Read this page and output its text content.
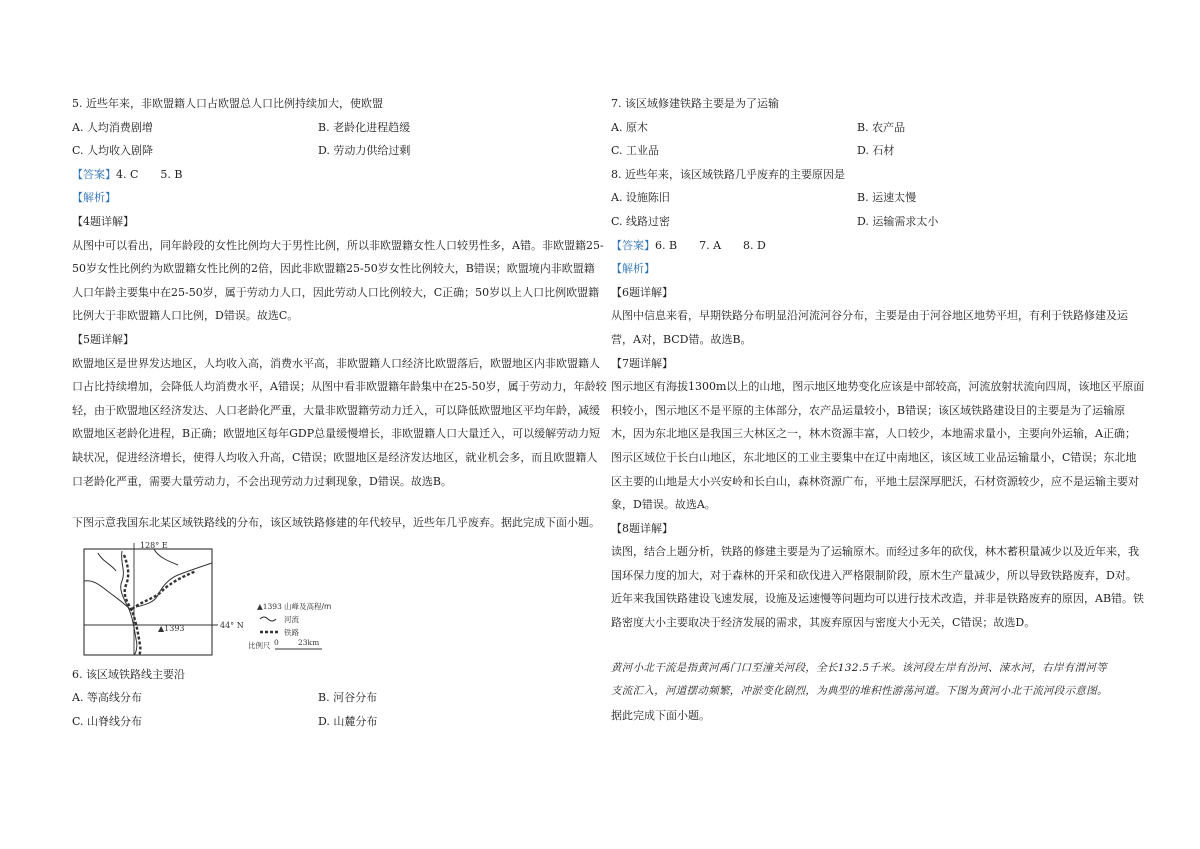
5. 近些年来，非欧盟籍人口占欧盟总人口比例持续加大，使欧盟
A. 人均消费剧增	B. 老龄化进程趋缓
C. 人均收入剧降	D. 劳动力供给过剩
【答案】4. C　　5. B
【解析】
【4题详解】
从图中可以看出，同年龄段的女性比例均大于男性比例，所以非欧盟籍女性人口较男性多，A错。非欧盟籍25-
50岁女性比例约为欧盟籍女性比例的2倍，因此非欧盟籍25-50岁女性比例较大，B错误；欧盟境内非欧盟籍
人口年龄主要集中在25-50岁，属于劳动力人口，因此劳动人口比例较大，C正确；50岁以上人口比例欧盟籍
比例大于非欧盟籍人口比例，D错误。故选C。
【5题详解】
欧盟地区是世界发达地区，人均收入高，消费水平高，非欧盟籍人口经济比欧盟落后，欧盟地区内非欧盟籍人
口占比持续增加，会降低人均消费水平，A错误；从图中看非欧盟籍年龄集中在25-50岁，属于劳动力，年龄较
轻，由于欧盟地区经济发达、人口老龄化严重，大量非欧盟籍劳动力迁入，可以降低欧盟地区平均年龄，减缓
欧盟地区老龄化进程，B正确；欧盟地区每年GDP总量缓慢增长，非欧盟籍人口大量迁入，可以缓解劳动力短
缺状况，促进经济增长，使得人均收入升高，C错误；欧盟地区是经济发达地区，就业机会多，而且欧盟籍人
口老龄化严重，需要大量劳动力，不会出现劳动力过剩现象，D错误。故选B。
下图示意我国东北某区域铁路线的分布，该区域铁路修建的年代较早，近些年几乎废弃。据此完成下面小题。
128° E
44° N
▲1393
▲1393 山峰及高程/m
河流
铁路
比例尺 0	23km
6. 该区域铁路线主要沿
A. 等高线分布	B. 河谷分布
C. 山脊线分布	D. 山麓分布
7. 该区域修建铁路主要是为了运输
A. 原木	B. 农产品
C. 工业品	D. 石材
8. 近些年来，该区域铁路几乎废弃的主要原因是
A. 设施陈旧	B. 运速太慢
C. 线路过密	D. 运输需求太小
【答案】6. B　　7. A　　8. D
【解析】
【6题详解】
从图中信息来看，早期铁路分布明显沿河流河谷分布，主要是由于河谷地区地势平坦，有利于铁路修建及运
营，A对，BCD错。故选B。
【7题详解】
图示地区有海拔1300m以上的山地，图示地区地势变化应该是中部较高，河流放射状流向四周，该地区平原面
积较小，图示地区不是平原的主体部分，农产品运量较小，B错误；该区域铁路建设目的主要是为了运输原
木，因为东北地区是我国三大林区之一，林木资源丰富，人口较少，本地需求量小，主要向外运输，A正确；
图示区域位于长白山地区，东北地区的工业主要集中在辽中南地区，该区域工业品运输量小，C错误；东北地
区主要的山地是大小兴安岭和长白山，森林资源广布，平地土层深厚肥沃，石材资源较少，应不是运输主要对
象，D错误。故选A。
【8题详解】
读图，结合上题分析，铁路的修建主要是为了运输原木。而经过多年的砍伐，林木蓄积量减少以及近年来，我
国环保力度的加大，对于森林的开采和砍伐进入严格限制阶段，原木生产量减少，所以导致铁路废弃，D对。
近年来我国铁路建设飞速发展，设施及运速慢等问题均可以进行技术改造，并非是铁路废弃的原因，AB错。铁
路密度大小主要取决于经济发展的需求，其废弃原因与密度大小无关，C错误；故选D。
黄河小北干流是指黄河禹门口至潼关河段，全长132.5千米。该河段左岸有汾河、涑水河，右岸有渭河等
支流汇入，河道摆动频繁，冲淤变化剧烈，为典型的堆积性游荡河道。下图为黄河小北干流河段示意图。
据此完成下面小题。
